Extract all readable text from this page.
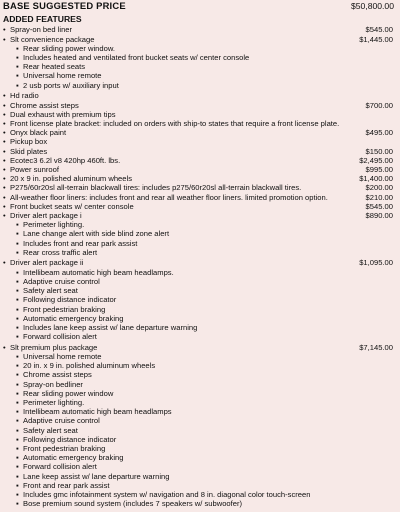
BASE SUGGESTED PRICE	$50,800.00
ADDED FEATURES
• Spray-on bed liner	$545.00
• Slt convenience package	$1,445.00
▪ Rear sliding power window.
▪ Includes heated and ventilated front bucket seats w/ center console
▪ Rear heated seats
▪ Universal home remote
▪ 2 usb ports w/ auxiliary input
• Hd radio
• Chrome assist steps	$700.00
• Dual exhaust with premium tips
• Front license plate bracket: included on orders with ship-to states that require a front license plate.
• Onyx black paint	$495.00
• Pickup box
• Skid plates	$150.00
• Ecotec3 6.2l v8 420hp 460ft. lbs.	$2,495.00
• Power sunroof	$995.00
• 20 x 9 in. polished aluminum wheels	$1,400.00
• P275/60r20sl all-terrain blackwall tires: includes p275/60r20sl all-terrain blackwall tires.	$200.00
• All-weather floor liners: includes front and rear all weather floor liners. limited promotion option.	$210.00
• Front bucket seats w/ center console	$545.00
• Driver alert package i	$890.00
▪ Perimeter lighting.
▪ Lane change alert with side blind zone alert
▪ Includes front and rear park assist
▪ Rear cross traffic alert
• Driver alert package ii	$1,095.00
▪ Intellibeam automatic high beam headlamps.
▪ Adaptive cruise control
▪ Safety alert seat
▪ Following distance indicator
▪ Front pedestrian braking
▪ Automatic emergency braking
▪ Includes lane keep assist w/ lane departure warning
▪ Forward collision alert
• Slt premium plus package	$7,145.00
▪ Universal home remote
▪ 20 in. x 9 in. polished aluminum wheels
▪ Chrome assist steps
▪ Spray-on bedliner
▪ Rear sliding power window
▪ Perimeter lighting.
▪ Intellibeam automatic high beam headlamps
▪ Adaptive cruise control
▪ Safety alert seat
▪ Following distance indicator
▪ Front pedestrian braking
▪ Automatic emergency braking
▪ Forward collision alert
▪ Lane keep assist w/ lane departure warning
▪ Front and rear park assist
▪ Includes gmc infotainment system w/ navigation and 8 in. diagonal color touch-screen
▪ Bose premium sound system (includes 7 speakers w/ subwoofer)
